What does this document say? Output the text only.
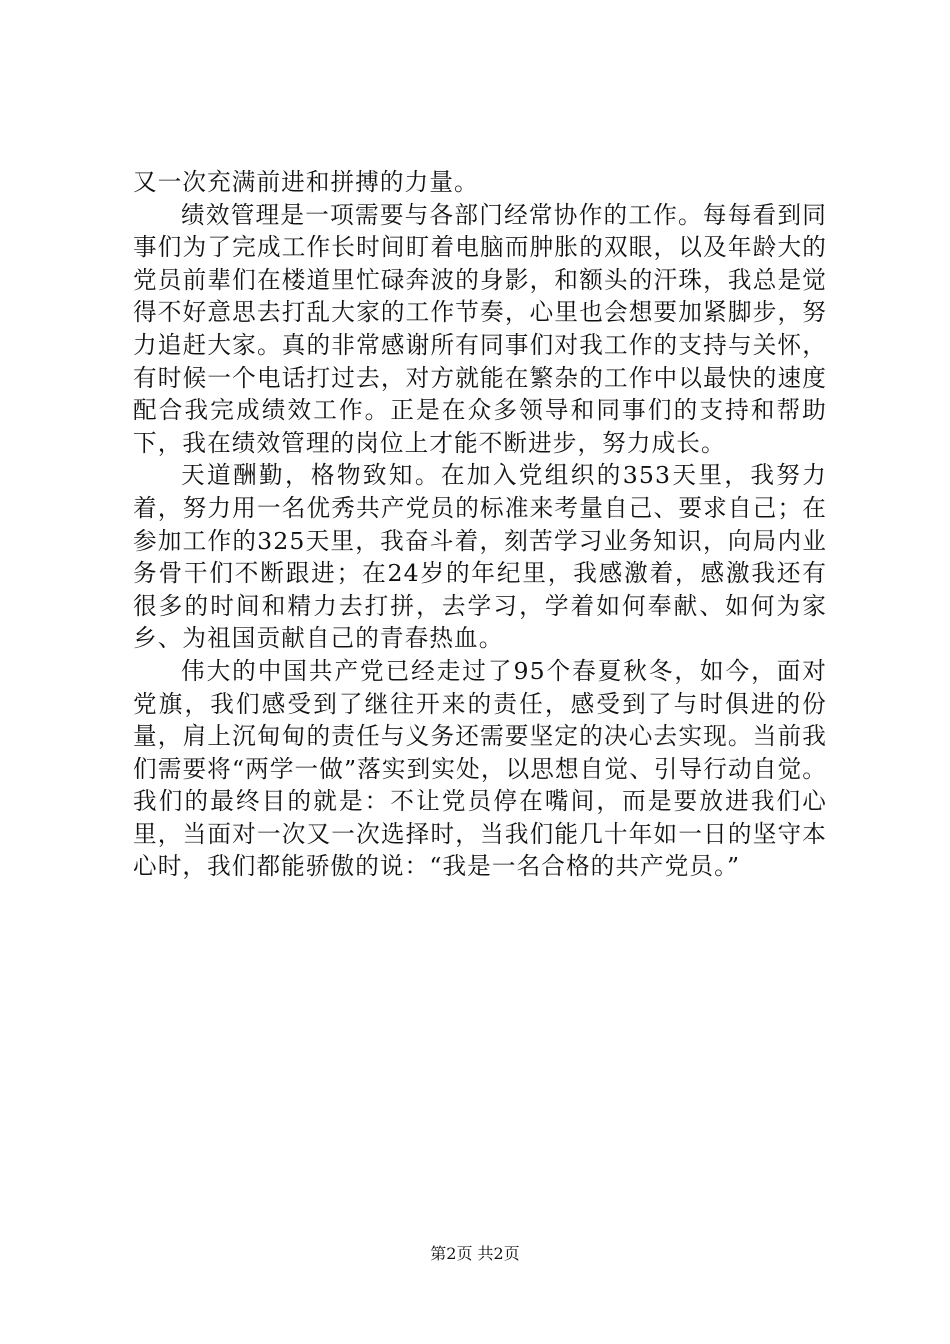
又一次充满前进和拼搏的力量。

绩效管理是一项需要与各部门经常协作的工作。每每看到同事们为了完成工作长时间盯着电脑而肿胀的双眼，以及年龄大的党员前辈们在楼道里忙碌奔波的身影，和额头的汗珠，我总是觉得不好意思去打乱大家的工作节奏，心里也会想要加紧脚步，努力追赶大家。真的非常感谢所有同事们对我工作的支持与关怀，有时候一个电话打过去，对方就能在繁杂的工作中以最快的速度配合我完成绩效工作。正是在众多领导和同事们的支持和帮助下，我在绩效管理的岗位上才能不断进步，努力成长。

天道酬勤，格物致知。在加入党组织的353天里，我努力着，努力用一名优秀共产党员的标准来考量自己、要求自己；在参加工作的325天里，我奋斗着，刻苦学习业务知识，向局内业务骨干们不断跟进；在24岁的年纪里，我感激着，感激我还有很多的时间和精力去打拼，去学习，学着如何奉献、如何为家乡、为祖国贡献自己的青春热血。

伟大的中国共产党已经走过了95个春夏秋冬，如今，面对党旗，我们感受到了继往开来的责任，感受到了与时俱进的份量，肩上沉甸甸的责任与义务还需要坚定的决心去实现。当前我们需要将“两学一做”落实到实处，以思想自觉、引导行动自觉。我们的最终目的就是：不让党员停在嘴间，而是要放进我们心里，当面对一次又一次选择时，当我们能几十年如一日的坚守本心时，我们都能骄傲的说：“我是一名合格的共产党员。”

第2页 共2页
